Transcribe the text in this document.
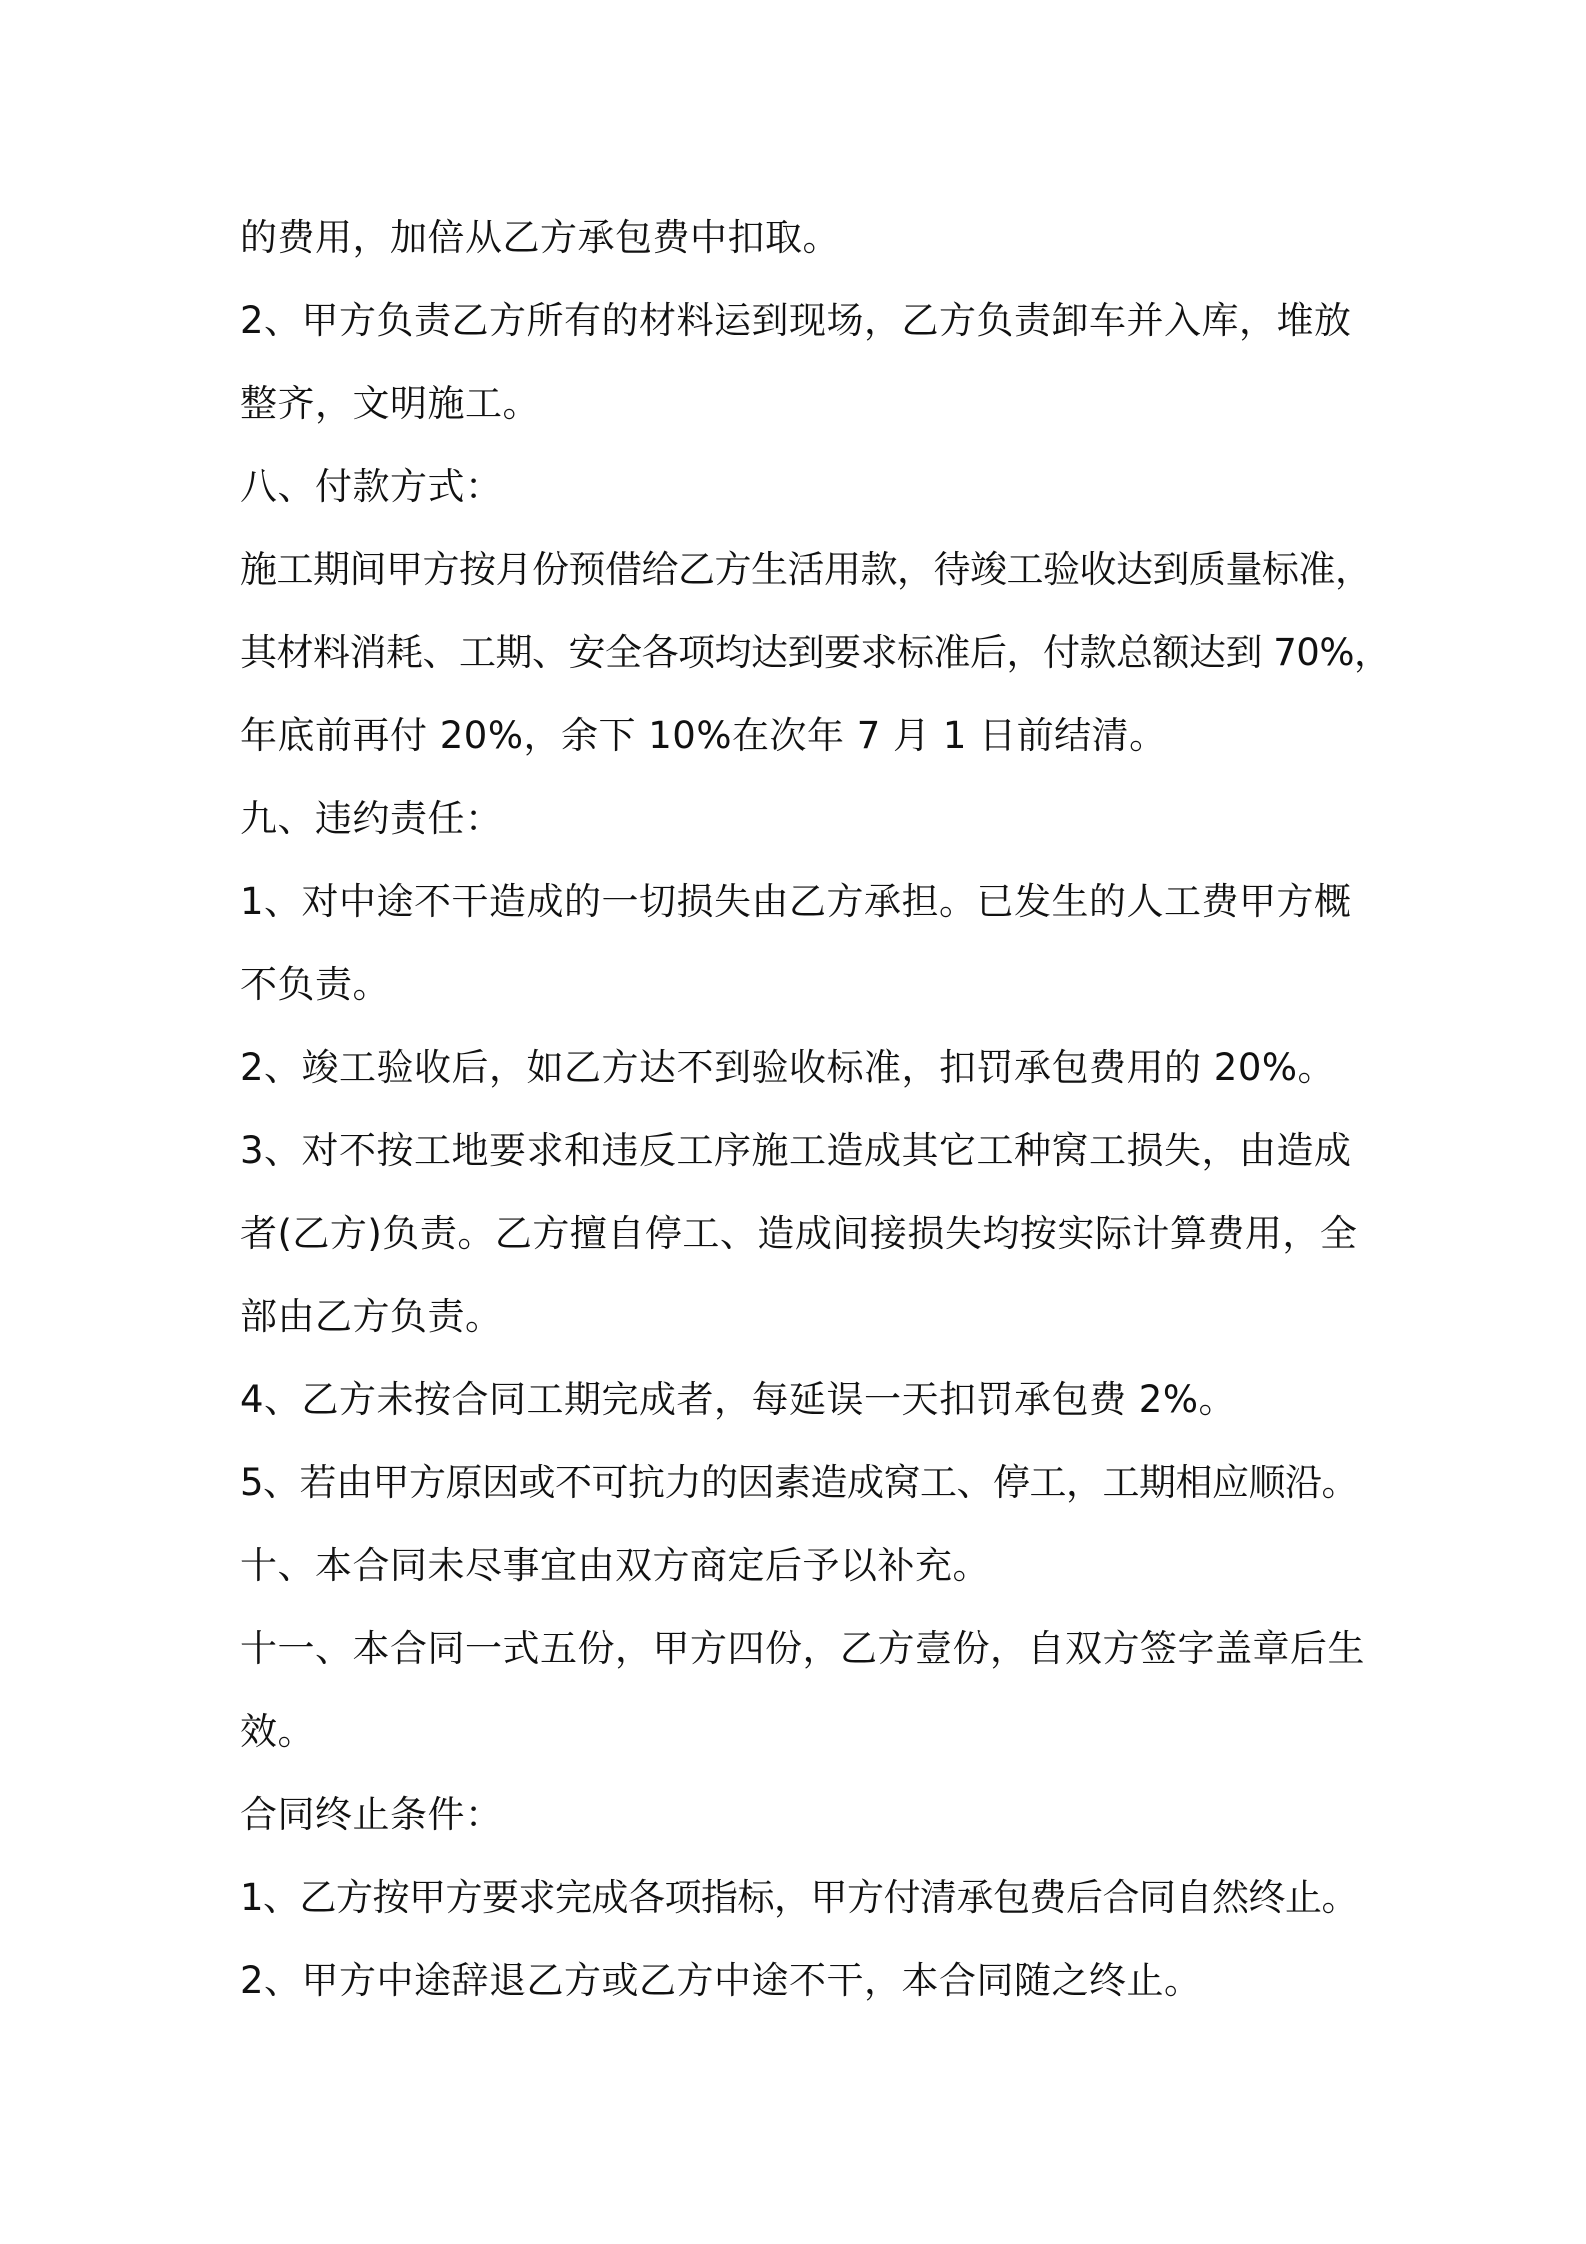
的费用，加倍从乙方承包费中扣取。
2、甲方负责乙方所有的材料运到现场，乙方负责卸车并入库，堆放
整齐，文明施工。
八、付款方式：
施工期间甲方按月份预借给乙方生活用款，待竣工验收达到质量标准，
其材料消耗、工期、安全各项均达到要求标准后，付款总额达到 70%，
年底前再付 20%，余下 10%在次年 7 月 1 日前结清。
九、违约责任：
1、对中途不干造成的一切损失由乙方承担。已发生的人工费甲方概
不负责。
2、竣工验收后，如乙方达不到验收标准，扣罚承包费用的 20%。
3、对不按工地要求和违反工序施工造成其它工种窝工损失，由造成
者(乙方)负责。乙方擅自停工、造成间接损失均按实际计算费用，全
部由乙方负责。
4、乙方未按合同工期完成者，每延误一天扣罚承包费 2%。
5、若由甲方原因或不可抗力的因素造成窝工、停工，工期相应顺沿。
十、本合同未尽事宜由双方商定后予以补充。
十一、本合同一式五份，甲方四份，乙方壹份，自双方签字盖章后生
效。
合同终止条件：
1、乙方按甲方要求完成各项指标，甲方付清承包费后合同自然终止。
2、甲方中途辞退乙方或乙方中途不干，本合同随之终止。
